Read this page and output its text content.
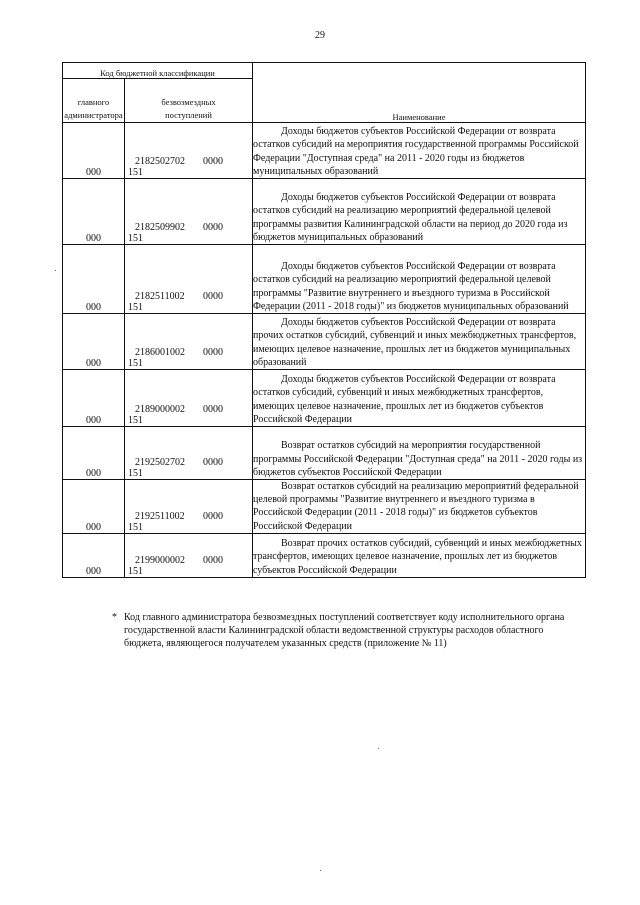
29
Код бюджетной классификации		Наименование
главного администратора	безвозмездных поступлений	
000	2182502702 0000151	Доходы бюджетов субъектов Российской Федерации от возврата остатков субсидий на мероприятия государственной программы Российской Федерации "Доступная среда" на 2011 - 2020 годы из бюджетов муниципальных образований
000	2182509902 0000151	Доходы бюджетов субъектов Российской Федерации от возврата остатков субсидий на реализацию мероприятий федеральной целевой программы развития Калининградской области на период до 2020 года из бюджетов муниципальных образований
000	2182511002 0000151	Доходы бюджетов субъектов Российской Федерации от возврата остатков субсидий на реализацию мероприятий федеральной целевой программы "Развитие внутреннего и въездного туризма в Российской Федерации (2011 - 2018 годы)" из бюджетов муниципальных образований
000	2186001002 0000151	Доходы бюджетов субъектов Российской Федерации от возврата прочих остатков субсидий, субвенций и иных межбюджетных трансфертов, имеющих целевое назначение, прошлых лет из бюджетов муниципальных образований
000	2189000002 0000151	Доходы бюджетов субъектов Российской Федерации от возврата остатков субсидий, субвенций и иных межбюджетных трансфертов, имеющих целевое назначение, прошлых лет из бюджетов субъектов Российской Федерации
000	2192502702 0000151	Возврат остатков субсидий на мероприятия государственной программы Российской Федерации "Доступная среда" на 2011 - 2020 годы из бюджетов субъектов Российской Федерации
000	2192511002 0000151	Возврат остатков субсидий на реализацию мероприятий федеральной целевой программы "Развитие внутреннего и въездного туризма в Российской Федерации (2011 - 2018 годы)" из бюджетов субъектов Российской Федерации
000	2199000002 0000151	Возврат прочих остатков субсидий, субвенций и иных межбюджетных трансфертов, имеющих целевое назначение, прошлых лет из бюджетов субъектов Российской Федерации
* Код главного администратора безвозмездных поступлений соответствует коду исполнительного органа государственной власти Калининградской области ведомственной структуры расходов областного бюджета, являющегося получателем указанных средств (приложение № 11)
